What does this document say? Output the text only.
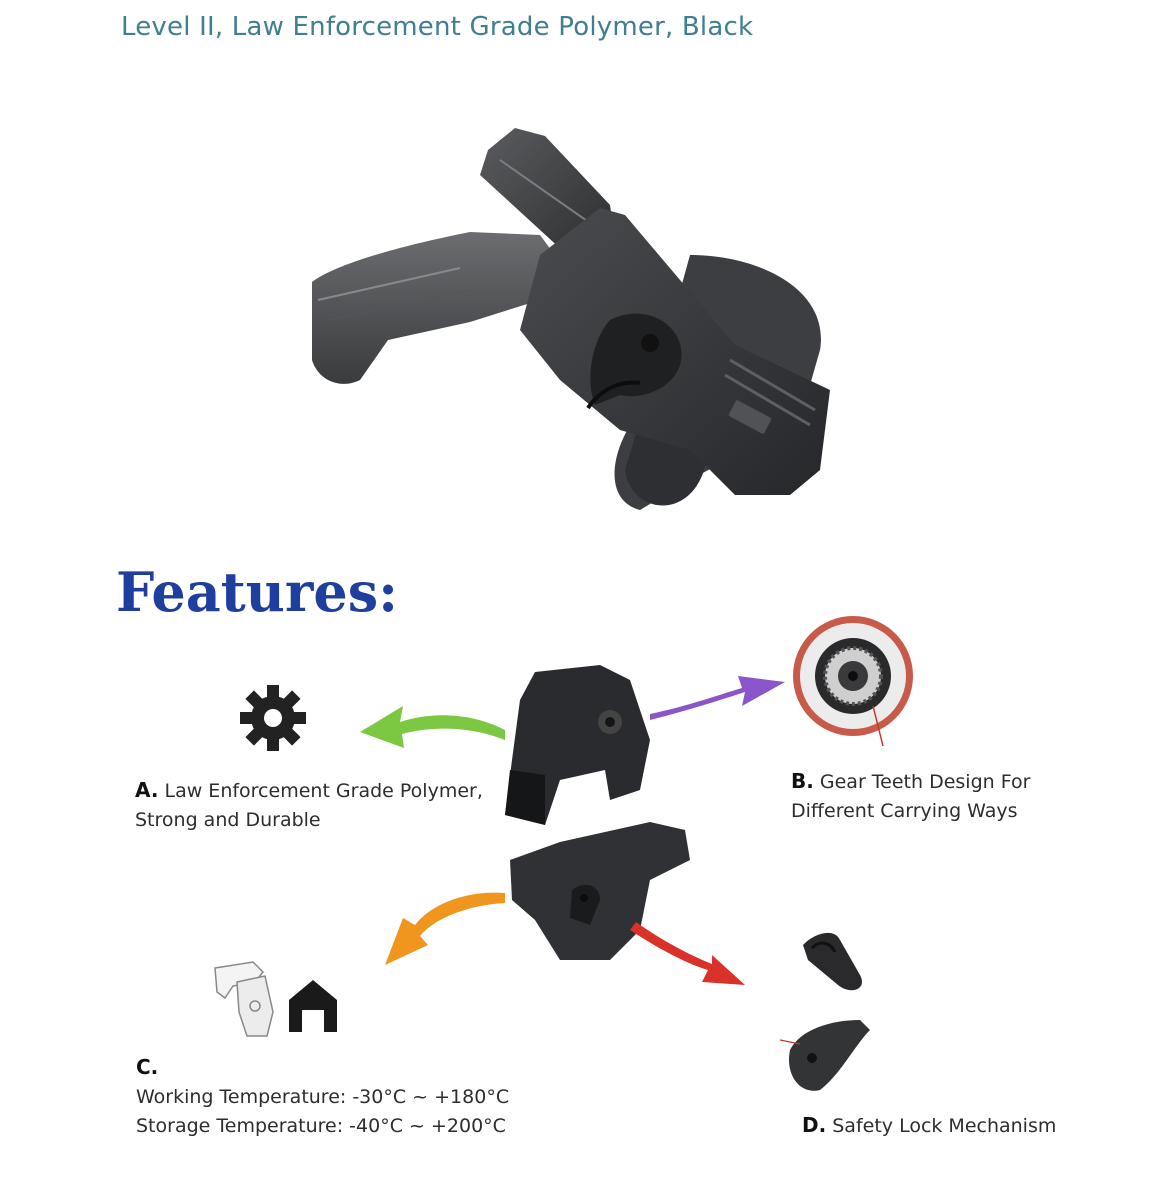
Level II, Law Enforcement Grade Polymer, Black
Features:
A. Law Enforcement Grade Polymer,
Strong and Durable
B. Gear Teeth Design For
Different Carrying Ways
C.
Working Temperature: -30°C ~ +180°C
Storage Temperature: -40°C ~ +200°C	D. Safety Lock Mechanism
